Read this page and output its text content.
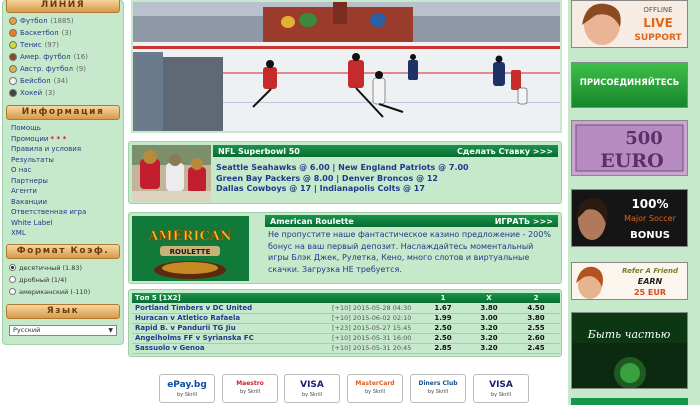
ЛИНИЯ
Футбол (1885)
Баскетбол (3)
Тенис (97)
Амер. футбол (16)
Австр. футбол (9)
Бейсбол (34)
Хокей (3)
Информация
Помощь
Промоции * * *
Правила и условия
Результаты
О нас
Партнеры
Агенти
Ваканции
Ответственная игра
White Label
XML
Формат Коэф.
десятичный (1.83)
дробный (1/4)
американский (-110)
Язык
Русский	▼
NFL Superbowl 50	Сделать Ставку >>>
Seattle Seahawks @ 6.00 | New England Patriots @ 7.00
Green Bay Packers @ 8.00 | Denver Broncos @ 12
Dallas Cowboys @ 17 | Indianapolis Colts @ 17
AMERICAN
ROULETTE
American Roulette	ИГРАТЬ >>>
Не пропустите наше фантастическое казино предложение - 200% бонус на ваш первый депозит. Наслаждайтесь моментальный игры Блэк Джек, Рулетка, Кено, много слотов и виртуальные скачки. Загрузка НЕ требуется.
Топ 5 [1X2]		1	X	2
Portland Timbers v DC United	[+10] 2015-05-28 04:30	1.67	3.80	4.50
Huracan v Atletico Rafaela	[+10] 2015-06-02 02:10	1.99	3.00	3.80
Rapid B. v Pandurii TG Jiu	[+23] 2015-05-27 15:45	2.50	3.20	2.55
Angelholms FF v Syrianska FC	[+10] 2015-05-31 16:00	2.50	3.20	2.60
Sassuolo v Genoa	[+10] 2015-05-31 20:45	2.85	3.20	2.45
ePay.bg
by Skrill
Maestro
by Skrill
VISA
by Skrill
MasterCard
by Skrill
Diners Club
by Skrill
VISA
by Skrill
OFFLINE
LIVE
SUPPORT
ПРИСОЕДИНЯЙТЕСЬ
500
EURO
100%
Major Soccer
BONUS
Refer A Friend
EARN
25 EUR
Быть частью
